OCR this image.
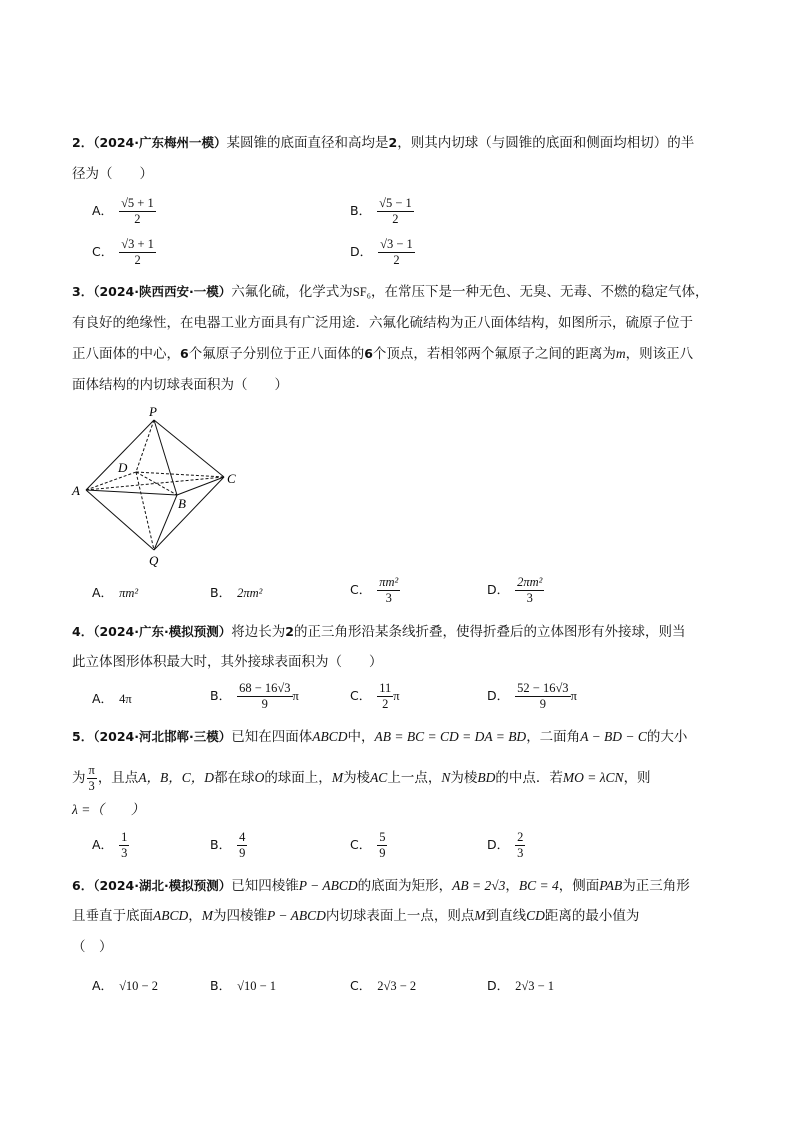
2．（2024·广东梅州一模）某圆锥的底面直径和高均是2，则其内切球（与圆锥的底面和侧面均相切）的半
径为（　　）
A． $\frac{√5 + 1}{2}$	B． $\frac{√5 - 1}{2}$
C． $\frac{√3 + 1}{2}$	D． $\frac{√3 - 1}{2}$
3．（2024·陕西西安·一模）六氟化硫，化学式为SF₆，在常压下是一种无色、无臭、无毒、不燃的稳定气体，
有良好的绝缘性，在电器工业方面具有广泛用途．六氟化硫结构为正八面体结构，如图所示，硫原子位于
正八面体的中心，6个氟原子分别位于正八面体的6个顶点，若相邻两个氟原子之间的距离为m，则该正八
面体结构的内切球表面积为（　　）
P
A
B
C
D
Q
A． πm²	B． 2πm²	C． $\frac{\text{πm²}}{3}$	D． $\frac{\text{2πm²}}{3}$
4．（2024·广东·模拟预测）将边长为2的正三角形沿某条线折叠，使得折叠后的立体图形有外接球，则当
此立体图形体积最大时，其外接球表面积为（　　）
A． 4π	B． $\frac{68 - 16√3}{9}$ π	C． $\frac{11}{2}$ π	D． $\frac{52 - 16√3}{9}$ π
5．（2024·河北邯郸·三模）已知在四面体ABCD中，AB = BC = CD = DA = BD，二面角A − BD − C的大小
为 $\frac{\pi}{3}$ ，且点A，B，C，D都在球O的球面上，M为棱AC上一点，N为棱BD的中点．若MO = λCN，则
λ =（　　）
A． $\frac{1}{3}$	B． $\frac{4}{9}$	C． $\frac{5}{9}$	D． $\frac{2}{3}$
6．（2024·湖北·模拟预测）已知四棱锥P − ABCD的底面为矩形，AB = 2√3，BC = 4，侧面PAB为正三角形
且垂直于底面ABCD，M为四棱锥P − ABCD内切球表面上一点，则点M到直线CD距离的最小值为
（　）
A． √10 − 2	B． √10 − 1	C． 2√3 − 2	D． 2√3 − 1
